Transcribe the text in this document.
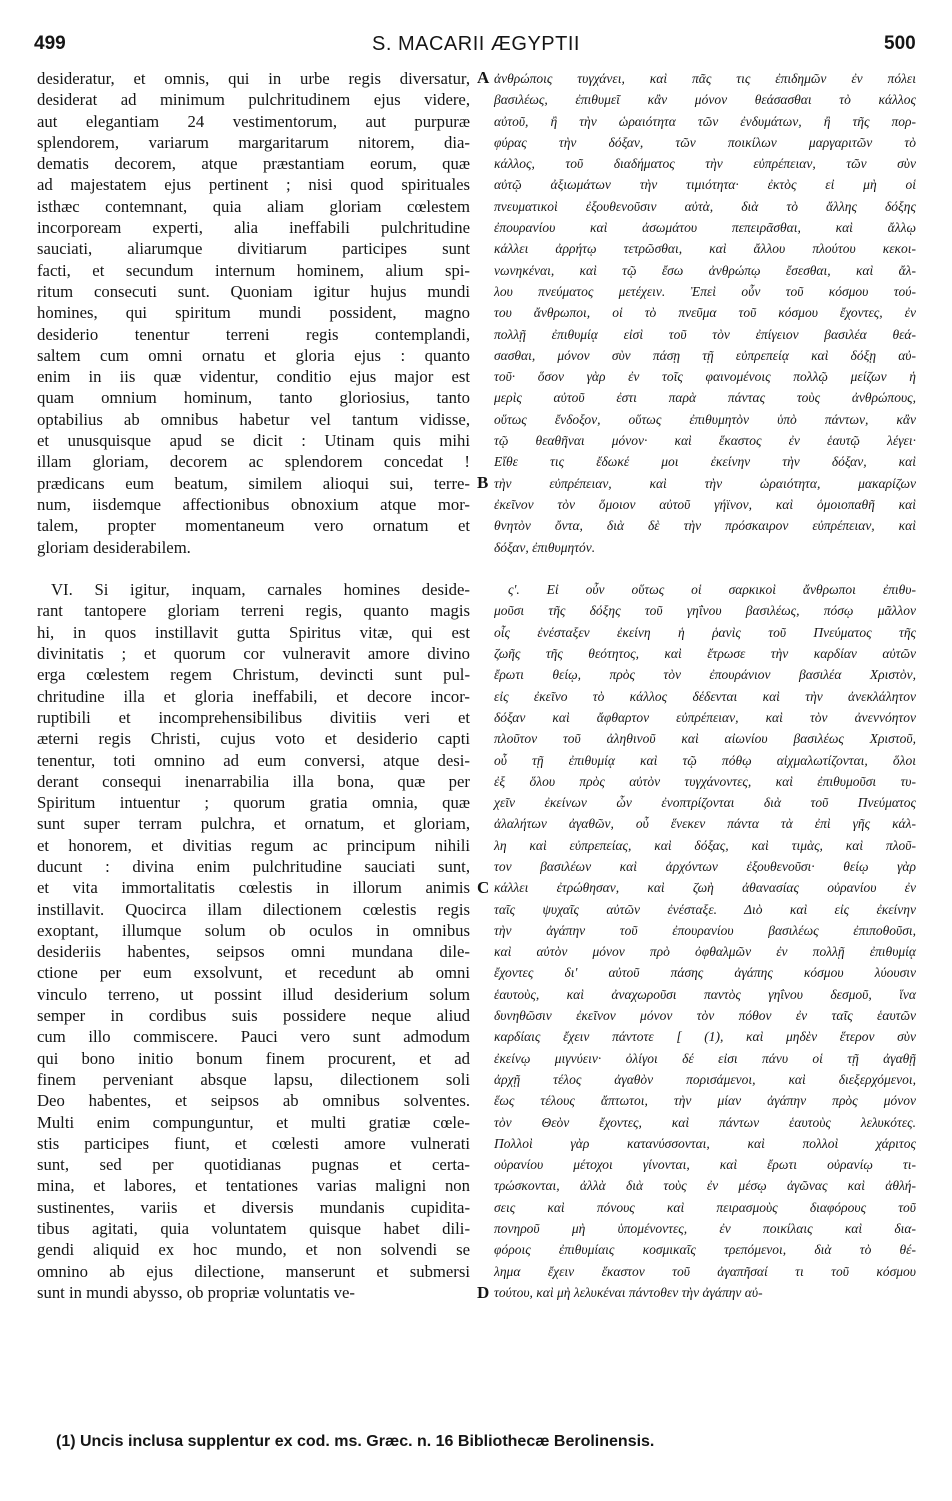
499	S. MACARII ÆGYPTII	500
desideratur, et omnis, qui in urbe regis diversatur,
desiderat ad minimum pulchritudinem ejus videre,
aut elegantiam 24 vestimentorum, aut purpuræ
splendorem, variarum margaritarum nitorem, dia-
dematis decorem, atque præstantiam eorum, quæ
ad majestatem ejus pertinent ; nisi quod spirituales
isthæc contemnant, quia aliam gloriam cœlestem
incorpoream experti, alia ineffabili pulchritudine
sauciati, aliarumque divitiarum participes sunt
facti, et secundum internum hominem, alium spi-
ritum consecuti sunt. Quoniam igitur hujus mundi
homines, qui spiritum mundi possident, magno
desiderio tenentur terreni regis contemplandi,
saltem cum omni ornatu et gloria ejus : quanto
enim in iis quæ videntur, conditio ejus major est
quam omnium hominum, tanto gloriosius, tanto
optabilius ab omnibus habetur vel tantum vidisse,
et unusquisque apud se dicit : Utinam quis mihi
illam gloriam, decorem ac splendorem concedat !
prædicans eum beatum, similem alioqui sui, terre-
num, iisdemque affectionibus obnoxium atque mor-
talem, propter momentaneum vero ornatum et
gloriam desiderabilem.
VI. Si igitur, inquam, carnales homines deside-
rant tantopere gloriam terreni regis, quanto magis
hi, in quos instillavit gutta Spiritus vitæ, qui est
divinitatis ; et quorum cor vulneravit amore divino
erga cœlestem regem Christum, devincti sunt pul-
chritudine illa et gloria ineffabili, et decore incor-
ruptibili et incomprehensibilibus divitiis veri et
æterni regis Christi, cujus voto et desiderio capti
tenentur, toti omnino ad eum conversi, atque desi-
derant consequi inenarrabilia illa bona, quæ per
Spiritum intuentur ; quorum gratia omnia, quæ
sunt super terram pulchra, et ornatum, et gloriam,
et honorem, et divitias regum ac principum nihili
ducunt : divina enim pulchritudine sauciati sunt,
et vita immortalitatis cœlestis in illorum animis
instillavit. Quocirca illam dilectionem cœlestis regis
exoptant, illumque solum ob oculos in omnibus
desideriis habentes, seipsos omni mundana dile-
ctione per eum exsolvunt, et recedunt ab omni
vinculo terreno, ut possint illud desiderium solum
semper in cordibus suis possidere neque aliud
cum illo commiscere. Pauci vero sunt admodum
qui bono initio bonum finem procurent, et ad
finem perveniant absque lapsu, dilectionem soli
Deo habentes, et seipsos ab omnibus solventes.
Multi enim compunguntur, et multi gratiæ cœle-
stis participes fiunt, et cœlesti amore vulnerati
sunt, sed per quotidianas pugnas et certa-
mina, et labores, et tentationes varias maligni non
sustinentes, variis et diversis mundanis cupidita-
tibus agitati, quia voluntatem quisque habet dili-
gendi aliquid ex hoc mundo, et non solvendi se
omnino ab ejus dilectione, manserunt et submersi
sunt in mundi abysso, ob propriæ voluntatis ve-
ἀνθρώποις τυγχάνει, καὶ πᾶς τις ἐπιδημῶν ἐν πόλει
βασιλέως, ἐπιθυμεῖ κἂν μόνον θεάσασθαι τὸ κάλλος
αὐτοῦ, ἢ τὴν ὡραιότητα τῶν ἐνδυμάτων, ἢ τῆς πορ-
φύρας τὴν δόξαν, τῶν ποικίλων μαργαριτῶν τὸ
κάλλος, τοῦ διαδήματος τὴν εὐπρέπειαν, τῶν σὺν
αὐτῷ ἀξιωμάτων τὴν τιμιότητα· ἐκτὸς εἰ μὴ οἱ
πνευματικοὶ ἐξουθενοῦσιν αὐτὰ, διὰ τὸ ἄλλης δόξης
ἐπουρανίου καὶ ἀσωμάτου πεπειρᾶσθαι, καὶ ἄλλῳ
κάλλει ἀρρήτῳ τετρῶσθαι, καὶ ἄλλου πλούτου κεκοι-
νωνηκέναι, καὶ τῷ ἔσω ἀνθρώπῳ ἔσεσθαι, καὶ ἄλ-
λου πνεύματος μετέχειν. Ἐπεὶ οὖν τοῦ κόσμου τού-
του ἄνθρωποι, οἱ τὸ πνεῦμα τοῦ κόσμου ἔχοντες, ἐν
πολλῇ ἐπιθυμίᾳ εἰσὶ τοῦ τὸν ἐπίγειον βασιλέα θεά-
σασθαι, μόνον σὺν πάσῃ τῇ εὐπρεπείᾳ καὶ δόξῃ αὐ-
τοῦ· ὅσον γὰρ ἐν τοῖς φαινομένοις πολλῷ μείζων ἡ
μερὶς αὐτοῦ ἐστι παρὰ πάντας τοὺς ἀνθρώπους,
οὕτως ἔνδοξον, οὕτως ἐπιθυμητὸν ὑπὸ πάντων, κἂν
τῷ θεαθῆναι μόνον· καὶ ἕκαστος ἐν ἑαυτῷ λέγει·
Εἴθε τις ἔδωκέ μοι ἐκείνην τὴν δόξαν, καὶ
τὴν εὐπρέπειαν, καὶ τὴν ὡραιότητα, μακαρίζων
ἐκεῖνον τὸν ὅμοιον αὐτοῦ γήϊνον, καὶ ὁμοιοπαθῆ καὶ
θνητὸν ὄντα, διὰ δὲ τὴν πρόσκαιρον εὐπρέπειαν, καὶ
δόξαν, ἐπιθυμητόν.
ς'. Εἰ οὖν οὕτως οἱ σαρκικοὶ ἄνθρωποι ἐπιθυ-
μοῦσι τῆς δόξης τοῦ γηΐνου βασιλέως, πόσῳ μᾶλλον
οἷς ἐνέσταξεν ἐκείνη ἡ ῥανὶς τοῦ Πνεύματος τῆς
ζωῆς τῆς θεότητος, καὶ ἔτρωσε τὴν καρδίαν αὐτῶν
ἔρωτι θείῳ, πρὸς τὸν ἐπουράνιον βασιλέα Χριστὸν,
εἰς ἐκεῖνο τὸ κάλλος δέδενται καὶ τὴν ἀνεκλάλητον
δόξαν καὶ ἄφθαρτον εὐπρέπειαν, καὶ τὸν ἀνεννόητον
πλοῦτον τοῦ ἀληθινοῦ καὶ αἰωνίου βασιλέως Χριστοῦ,
οὗ τῇ ἐπιθυμίᾳ καὶ τῷ πόθῳ αἰχμαλωτίζονται, ὅλοι
ἐξ ὅλου πρὸς αὐτὸν τυγχάνοντες, καὶ ἐπιθυμοῦσι τυ-
χεῖν ἐκείνων ὧν ἐνοπτρίζονται διὰ τοῦ Πνεύματος
ἀλαλήτων ἀγαθῶν, οὗ ἕνεκεν πάντα τὰ ἐπὶ γῆς κάλ-
λη καὶ εὐπρεπείας, καὶ δόξας, καὶ τιμὰς, καὶ πλοῦ-
τον βασιλέων καὶ ἀρχόντων ἐξουθενοῦσι· θείῳ γὰρ
κάλλει ἐτρώθησαν, καὶ ζωὴ ἀθανασίας οὐρανίου ἐν
ταῖς ψυχαῖς αὐτῶν ἐνέσταξε. Διὸ καὶ εἰς ἐκείνην
τὴν ἀγάπην τοῦ ἐπουρανίου βασιλέως ἐπιποθοῦσι,
καὶ αὐτὸν μόνον πρὸ ὀφθαλμῶν ἐν πολλῇ ἐπιθυμίᾳ
ἔχοντες δι' αὐτοῦ πάσης ἀγάπης κόσμου λύουσιν
ἑαυτοὺς, καὶ ἀναχωροῦσι παντὸς γηΐνου δεσμοῦ, ἵνα
δυνηθῶσιν ἐκεῖνον μόνον τὸν πόθον ἐν ταῖς ἑαυτῶν
καρδίαις ἔχειν πάντοτε [ (1), καὶ μηδὲν ἕτερον σὺν
ἐκείνῳ μιγνύειν· ὀλίγοι δέ εἰσι πάνυ οἱ τῇ ἀγαθῇ
ἀρχῇ τέλος ἀγαθὸν πορισάμενοι, καὶ διεξερχόμενοι,
ἕως τέλους ἄπτωτοι, τὴν μίαν ἀγάπην πρὸς μόνον
τὸν Θεὸν ἔχοντες, καὶ πάντων ἑαυτοὺς λελυκότες.
Πολλοὶ γὰρ κατανύσσονται, καὶ πολλοὶ χάριτος
οὐρανίου μέτοχοι γίνονται, καὶ ἔρωτι οὐρανίῳ τι-
τρώσκονται, ἀλλὰ διὰ τοὺς ἐν μέσῳ ἀγῶνας καὶ ἀθλή-
σεις καὶ πόνους καὶ πειρασμοὺς διαφόρους τοῦ
πονηροῦ μὴ ὑπομένοντες, ἐν ποικίλαις καὶ δια-
φόροις ἐπιθυμίαις κοσμικαῖς τρεπόμενοι, διὰ τὸ θέ-
λημα ἔχειν ἕκαστον τοῦ ἀγαπῆσαί τι τοῦ κόσμου
τούτου, καὶ μὴ λελυκέναι πάντοθεν τὴν ἀγάπην αὐ-
A
B
C
D
(1) Uncis inclusa supplentur ex cod. ms. Græc. n. 16 Bibliothecæ Berolinensis.
